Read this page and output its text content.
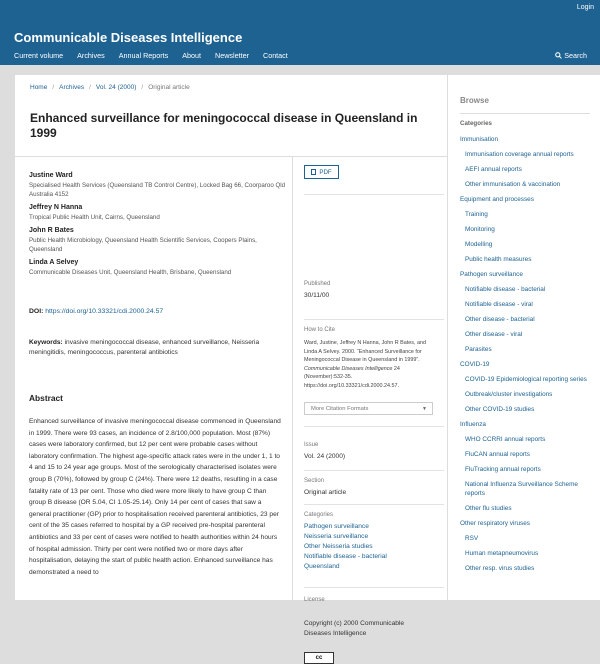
Login
Communicable Diseases Intelligence
Current volume Archives Annual Reports About Newsletter Contact	Search
Home / Archives / Vol. 24 (2000) / Original article
Enhanced surveillance for meningococcal disease in Queensland in 1999
Justine Ward
Specialised Health Services (Queensland TB Control Centre), Locked Bag 66, Coorparoo Qld Australia 4152
Jeffrey N Hanna
Tropical Public Health Unit, Cairns, Queensland
John R Bates
Public Health Microbiology, Queensland Health Scientific Services, Coopers Plains, Queensland
Linda A Selvey
Communicable Diseases Unit, Queensland Health, Brisbane, Queensland
DOI: https://doi.org/10.33321/cdi.2000.24.57
Keywords: invasive meningococcal disease, enhanced surveillance, Neisseria meningitidis, meningococcus, parenteral antibiotics
Abstract
Enhanced surveillance of invasive meningococcal disease commenced in Queensland in 1999. There were 93 cases, an incidence of 2.8/100,000 population. Most (87%) cases were laboratory confirmed, but 12 per cent were probable cases without laboratory confirmation. The highest age-specific attack rates were in the under 1, 1 to 4 and 15 to 24 year age groups. Most of the serologically characterised isolates were group B (70%), followed by group C (24%). There were 12 deaths, resulting in a case fatality rate of 13 per cent. Those who died were more likely to have group C than group B disease (OR 5.04, CI 1.05-25.14). Only 14 per cent of cases that saw a general practitioner (GP) prior to hospitalisation received parenteral antibiotics, 23 per cent of the 35 cases referred to hospital by a GP received pre-hospital parenteral antibiotics and 33 per cent of cases were notified to health authorities within 24 hours of hospital admission. Thirty per cent were notified two or more days after hospitalisation, delaying the start of public health action. Enhanced surveillance has demonstrated a need to
PDF
Published
30/11/00
How to Cite
Ward, Justine, Jeffrey N Hanna, John R Bates, and Linda A Selvey. 2000. “Enhanced Surveillance for Meningococcal Disease in Queensland in 1999”. Communicable Diseases Intelligence 24 (November):532-35. https://doi.org/10.33321/cdi.2000.24.57.
More Citation Formats	▼
Issue
Vol. 24 (2000)
Section
Original article
Categories
Pathogen surveillance
Neisseria surveillance
Other Neisseria studies
Notifiable disease - bacterial
Queensland
License
Copyright (c) 2000 Communicable Diseases Intelligence
cc
Browse
Categories
Immunisation
Immunisation coverage annual reports
AEFI annual reports
Other immunisation & vaccination
Equipment and processes
Training
Monitoring
Modelling
Public health measures
Pathogen surveillance
Notifiable disease - bacterial
Notifiable disease - viral
Other disease - bacterial
Other disease - viral
Parasites
COVID-19
COVID-19 Epidemiological reporting series
Outbreak/cluster investigations
Other COVID-19 studies
Influenza
WHO CCRRI annual reports
FluCAN annual reports
FluTracking annual reports
National Influenza Surveillance Scheme reports
Other flu studies
Other respiratory viruses
RSV
Human metapneumovirus
Other resp. virus studies
